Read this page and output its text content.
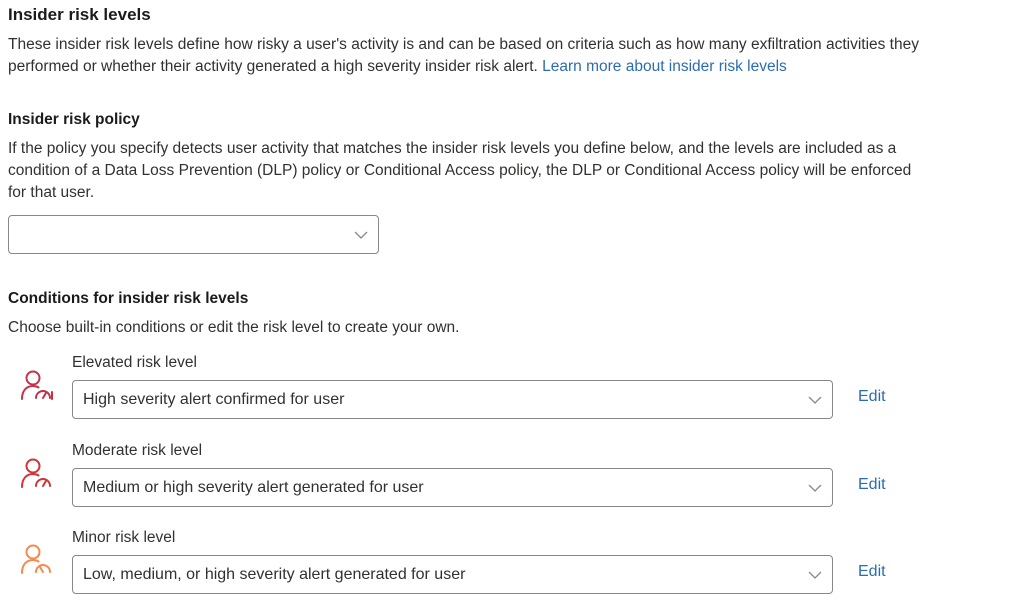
Insider risk levels
These insider risk levels define how risky a user's activity is and can be based on criteria such as how many exfiltration activities they
performed or whether their activity generated a high severity insider risk alert. Learn more about insider risk levels
Insider risk policy
If the policy you specify detects user activity that matches the insider risk levels you define below, and the levels are included as a
condition of a Data Loss Prevention (DLP) policy or Conditional Access policy, the DLP or Conditional Access policy will be enforced
for that user.
Conditions for insider risk levels
Choose built-in conditions or edit the risk level to create your own.
Elevated risk level
High severity alert confirmed for user	Edit
Moderate risk level
Medium or high severity alert generated for user	Edit
Minor risk level
Low, medium, or high severity alert generated for user	Edit
